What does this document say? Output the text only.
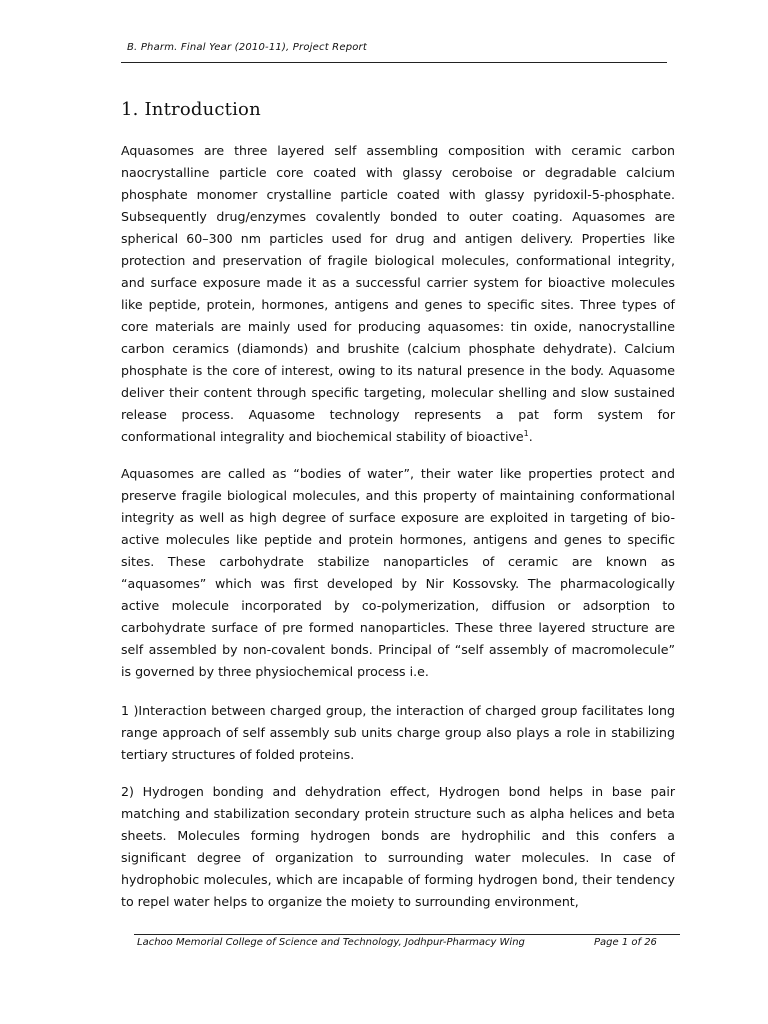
B. Pharm. Final Year (2010-11), Project Report
1. Introduction

Aquasomes are three layered self assembling composition with ceramic carbon naocrystalline particle core coated with glassy ceroboise or degradable calcium phosphate monomer crystalline particle coated with glassy pyridoxil-5-phosphate. Subsequently drug/enzymes covalently bonded to outer coating. Aquasomes are spherical 60–300 nm particles used for drug and antigen delivery. Properties like protection and preservation of fragile biological molecules, conformational integrity, and surface exposure made it as a successful carrier system for bioactive molecules like peptide, protein, hormones, antigens and genes to specific sites. Three types of core materials are mainly used for producing aquasomes: tin oxide, nanocrystalline carbon ceramics (diamonds) and brushite (calcium phosphate dehydrate). Calcium phosphate is the core of interest, owing to its natural presence in the body. Aquasome deliver their content through specific targeting, molecular shelling and slow sustained release process. Aquasome technology represents a pat form system for conformational integrality and biochemical stability of bioactive$^1$.

Aquasomes are called as “bodies of water”, their water like properties protect and preserve fragile biological molecules, and this property of maintaining conformational integrity as well as high degree of surface exposure are exploited in targeting of bio-active molecules like peptide and protein hormones, antigens and genes to specific sites. These carbohydrate stabilize nanoparticles of ceramic are known as “aquasomes” which was first developed by Nir Kossovsky. The pharmacologically active molecule incorporated by co-polymerization, diffusion or adsorption to carbohydrate surface of pre formed nanoparticles. These three layered structure are self assembled by non-covalent bonds. Principal of “self assembly of macromolecule” is governed by three physiochemical process i.e.

1 )Interaction between charged group, the interaction of charged group facilitates long range approach of self assembly sub units charge group also plays a role in stabilizing tertiary structures of folded proteins.

2) Hydrogen bonding and dehydration effect, Hydrogen bond helps in base pair matching and stabilization secondary protein structure such as alpha helices and beta sheets. Molecules forming hydrogen bonds are hydrophilic and this confers a significant degree of organization to surrounding water molecules. In case of hydrophobic molecules, which are incapable of forming hydrogen bond, their tendency to repel water helps to organize the moiety to surrounding environment,

Lachoo Memorial College of Science and Technology, Jodhpur-Pharmacy Wing	Page 1 of 26
